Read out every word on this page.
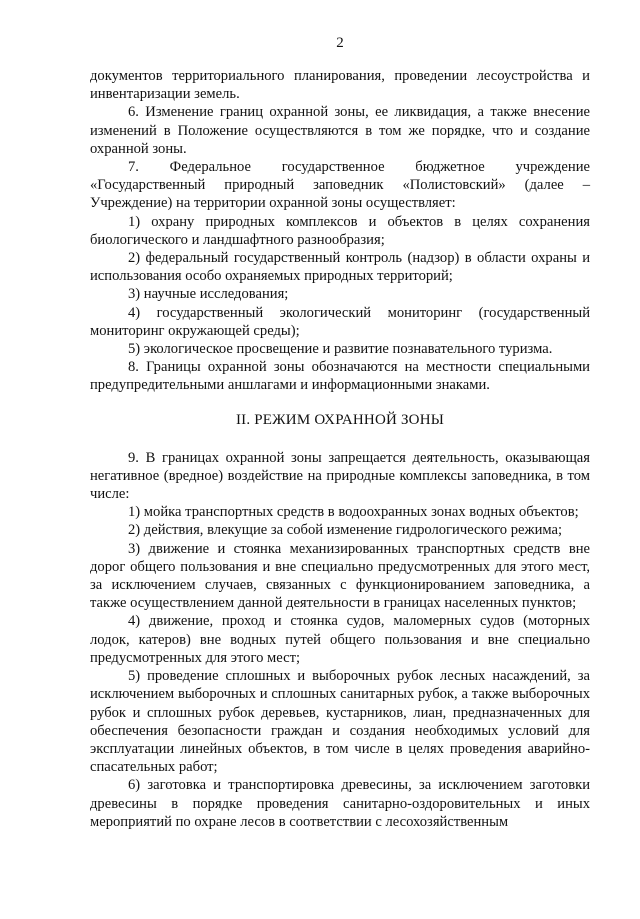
2

документов территориального планирования, проведении лесоустройства и инвентаризации земель.

6. Изменение границ охранной зоны, ее ликвидация, а также внесение изменений в Положение осуществляются в том же порядке, что и создание охранной зоны.

7. Федеральное государственное бюджетное учреждение «Государственный природный заповедник «Полистовский» (далее – Учреждение) на территории охранной зоны осуществляет:

1) охрану природных комплексов и объектов в целях сохранения биологического и ландшафтного разнообразия;

2) федеральный государственный контроль (надзор) в области охраны и использования особо охраняемых природных территорий;

3) научные исследования;

4) государственный экологический мониторинг (государственный мониторинг окружающей среды);

5) экологическое просвещение и развитие познавательного туризма.

8. Границы охранной зоны обозначаются на местности специальными предупредительными аншлагами и информационными знаками.

II. РЕЖИМ ОХРАННОЙ ЗОНЫ

9. В границах охранной зоны запрещается деятельность, оказывающая негативное (вредное) воздействие на природные комплексы заповедника, в том числе:

1) мойка транспортных средств в водоохранных зонах водных объектов;

2) действия, влекущие за собой изменение гидрологического режима;

3) движение и стоянка механизированных транспортных средств вне дорог общего пользования и вне специально предусмотренных для этого мест, за исключением случаев, связанных с функционированием заповедника, а также осуществлением данной деятельности в границах населенных пунктов;

4) движение, проход и стоянка судов, маломерных судов (моторных лодок, катеров) вне водных путей общего пользования и вне специально предусмотренных для этого мест;

5) проведение сплошных и выборочных рубок лесных насаждений, за исключением выборочных и сплошных санитарных рубок, а также выборочных рубок и сплошных рубок деревьев, кустарников, лиан, предназначенных для обеспечения безопасности граждан и создания необходимых условий для эксплуатации линейных объектов, в том числе в целях проведения аварийно-спасательных работ;

6) заготовка и транспортировка древесины, за исключением заготовки древесины в порядке проведения санитарно-оздоровительных и иных мероприятий по охране лесов в соответствии с лесохозяйственным
